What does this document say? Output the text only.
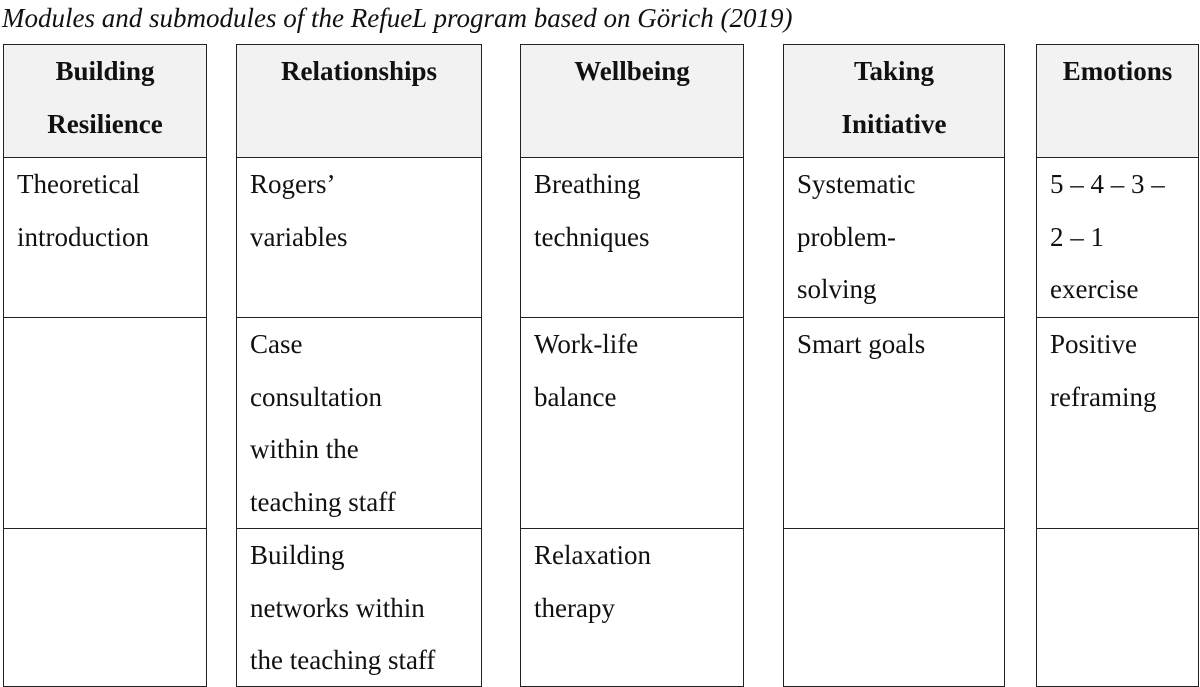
Modules and submodules of the RefueL program based on Görich (2019)
Building
Resilience
Theoretical
introduction
Relationships
Rogers’
variables
Case
consultation
within the
teaching staff
Building
networks within
the teaching staff
Wellbeing
Breathing
techniques
Work-life
balance
Relaxation
therapy
Taking
Initiative
Systematic
problem-
solving
Smart goals
Emotions
5 – 4 – 3 –
2 – 1
exercise
Positive
reframing
